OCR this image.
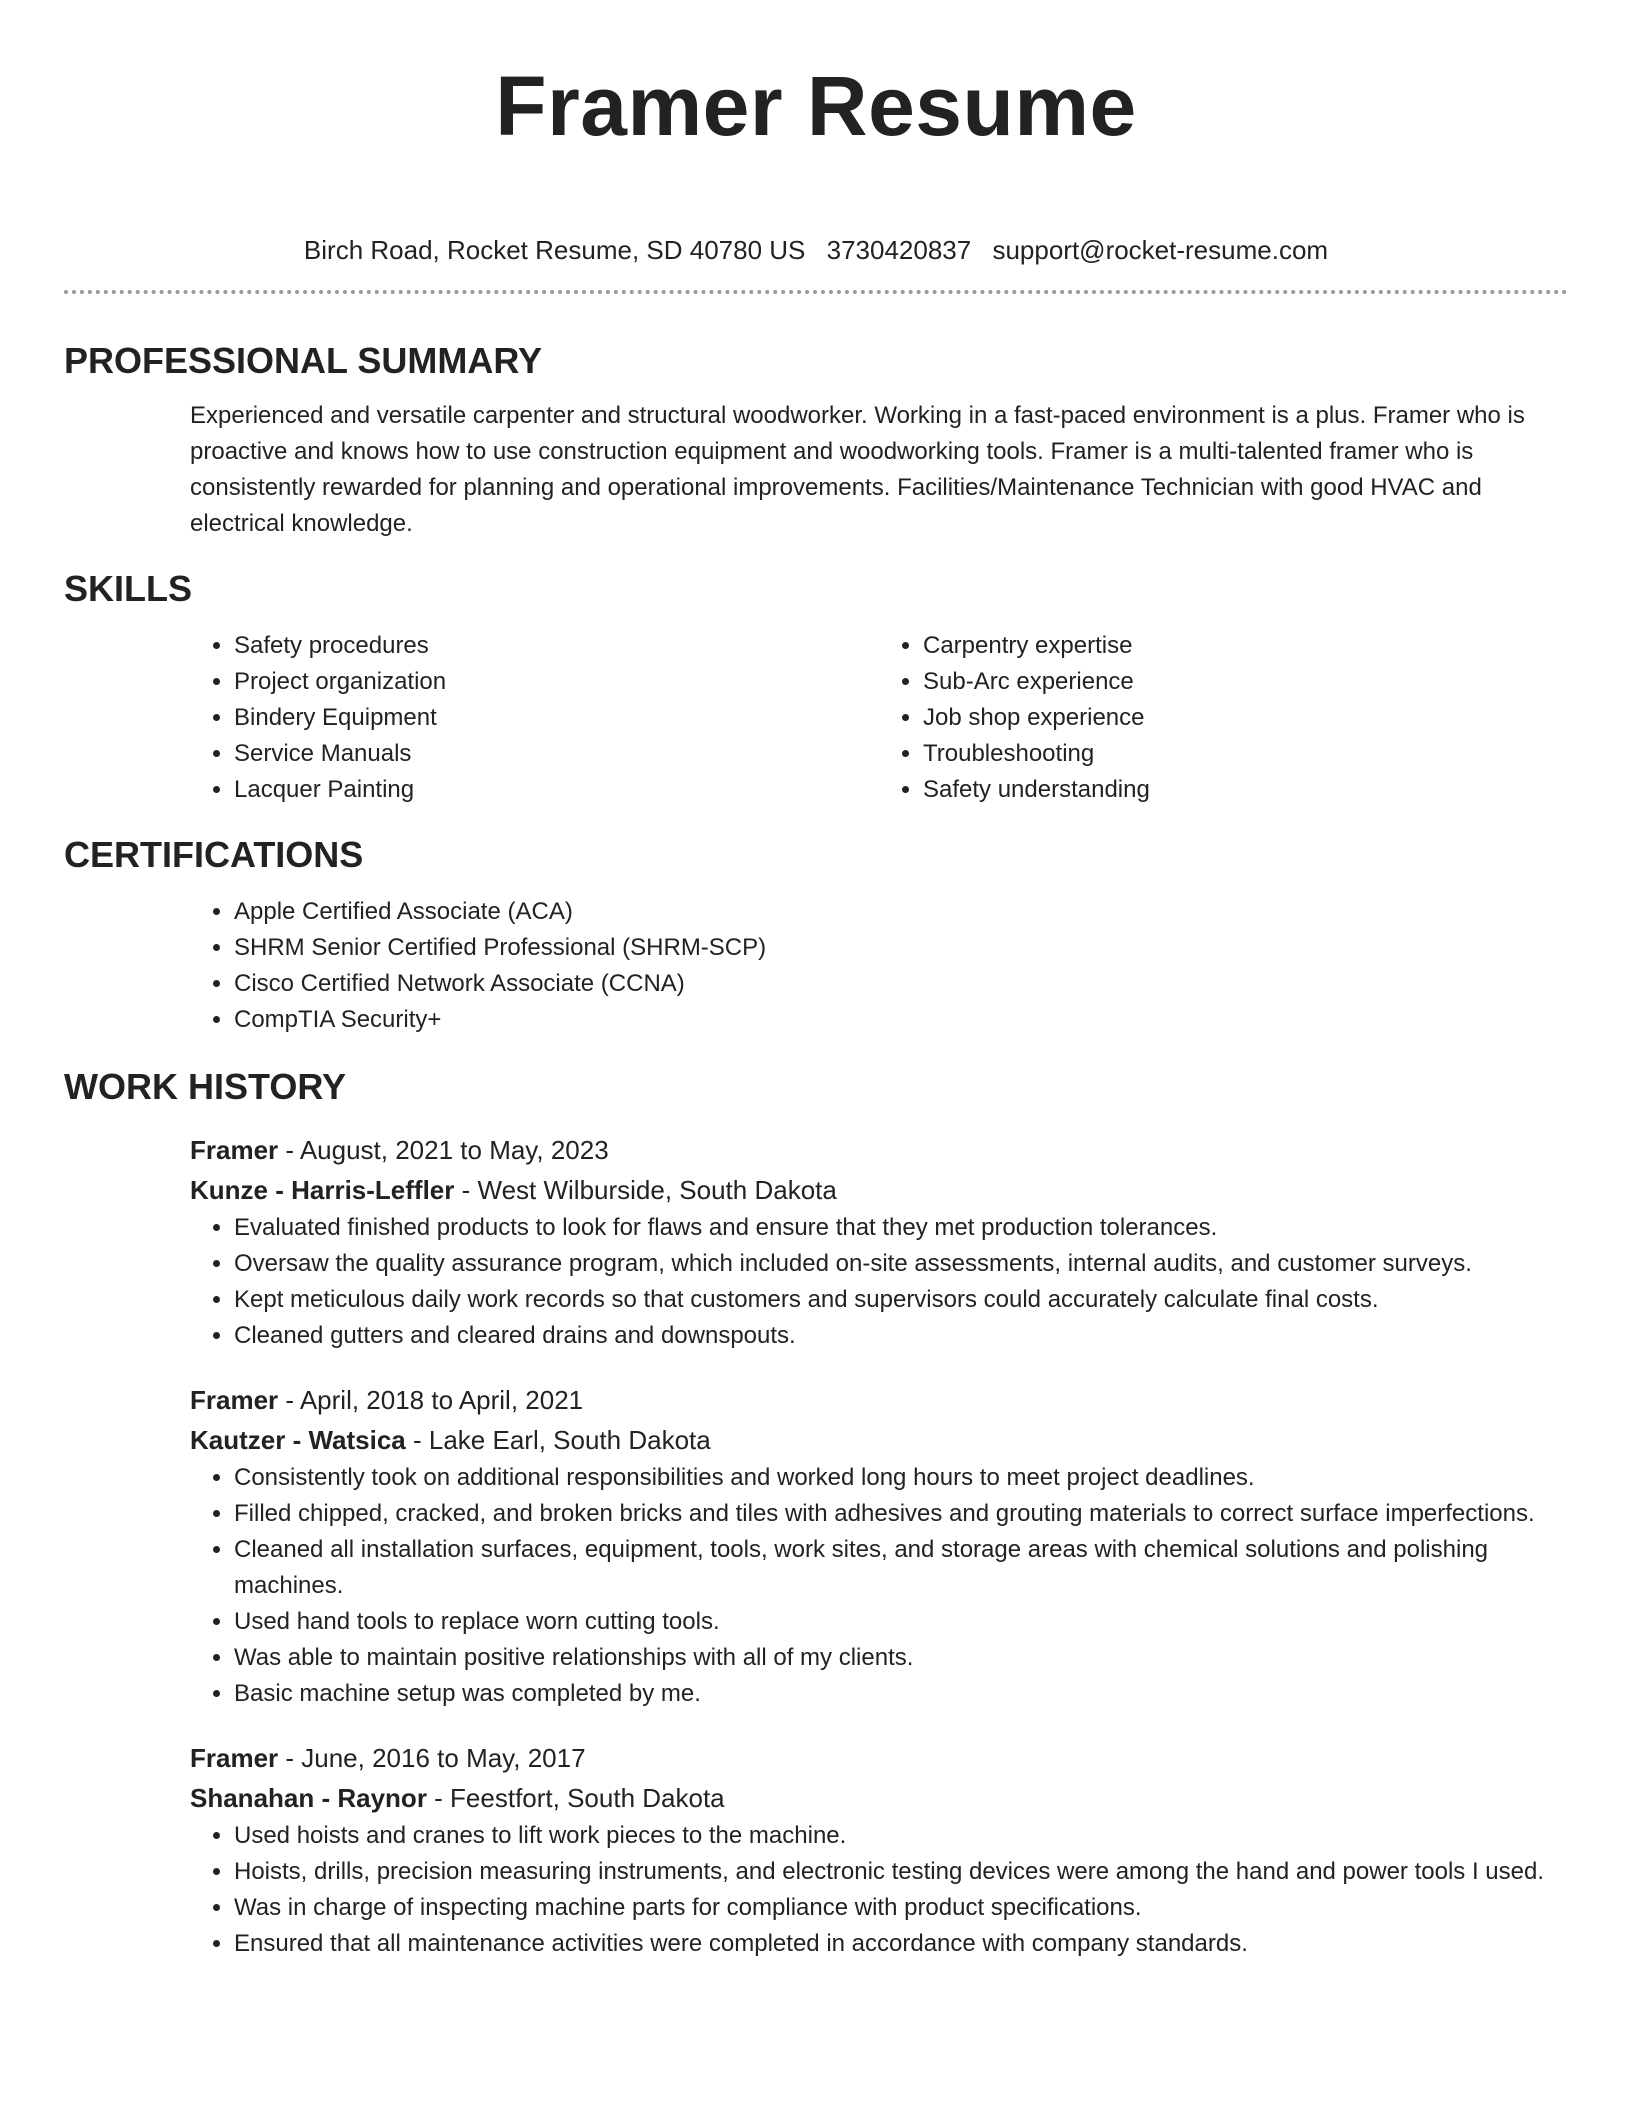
Framer Resume
Birch Road, Rocket Resume, SD 40780 US 3730420837 support@rocket-resume.com
PROFESSIONAL SUMMARY

Experienced and versatile carpenter and structural woodworker. Working in a fast-paced environment is a plus. Framer who is proactive and knows how to use construction equipment and woodworking tools. Framer is a multi-talented framer who is consistently rewarded for planning and operational improvements. Facilities/Maintenance Technician with good HVAC and electrical knowledge.

SKILLS
• Safety procedures
• Project organization
• Bindery Equipment
• Service Manuals
• Lacquer Painting
• Carpentry expertise
• Sub-Arc experience
• Job shop experience
• Troubleshooting
• Safety understanding
CERTIFICATIONS
• Apple Certified Associate (ACA)
• SHRM Senior Certified Professional (SHRM-SCP)
• Cisco Certified Network Associate (CCNA)
• CompTIA Security+
WORK HISTORY
Framer - August, 2021 to May, 2023
Kunze - Harris-Leffler - West Wilburside, South Dakota
• Evaluated finished products to look for flaws and ensure that they met production tolerances.
• Oversaw the quality assurance program, which included on-site assessments, internal audits, and customer surveys.
• Kept meticulous daily work records so that customers and supervisors could accurately calculate final costs.
• Cleaned gutters and cleared drains and downspouts.
Framer - April, 2018 to April, 2021
Kautzer - Watsica - Lake Earl, South Dakota
• Consistently took on additional responsibilities and worked long hours to meet project deadlines.
• Filled chipped, cracked, and broken bricks and tiles with adhesives and grouting materials to correct surface imperfections.
• Cleaned all installation surfaces, equipment, tools, work sites, and storage areas with chemical solutions and polishing machines.
• Used hand tools to replace worn cutting tools.
• Was able to maintain positive relationships with all of my clients.
• Basic machine setup was completed by me.
Framer - June, 2016 to May, 2017
Shanahan - Raynor - Feestfort, South Dakota
• Used hoists and cranes to lift work pieces to the machine.
• Hoists, drills, precision measuring instruments, and electronic testing devices were among the hand and power tools I used.
• Was in charge of inspecting machine parts for compliance with product specifications.
• Ensured that all maintenance activities were completed in accordance with company standards.
